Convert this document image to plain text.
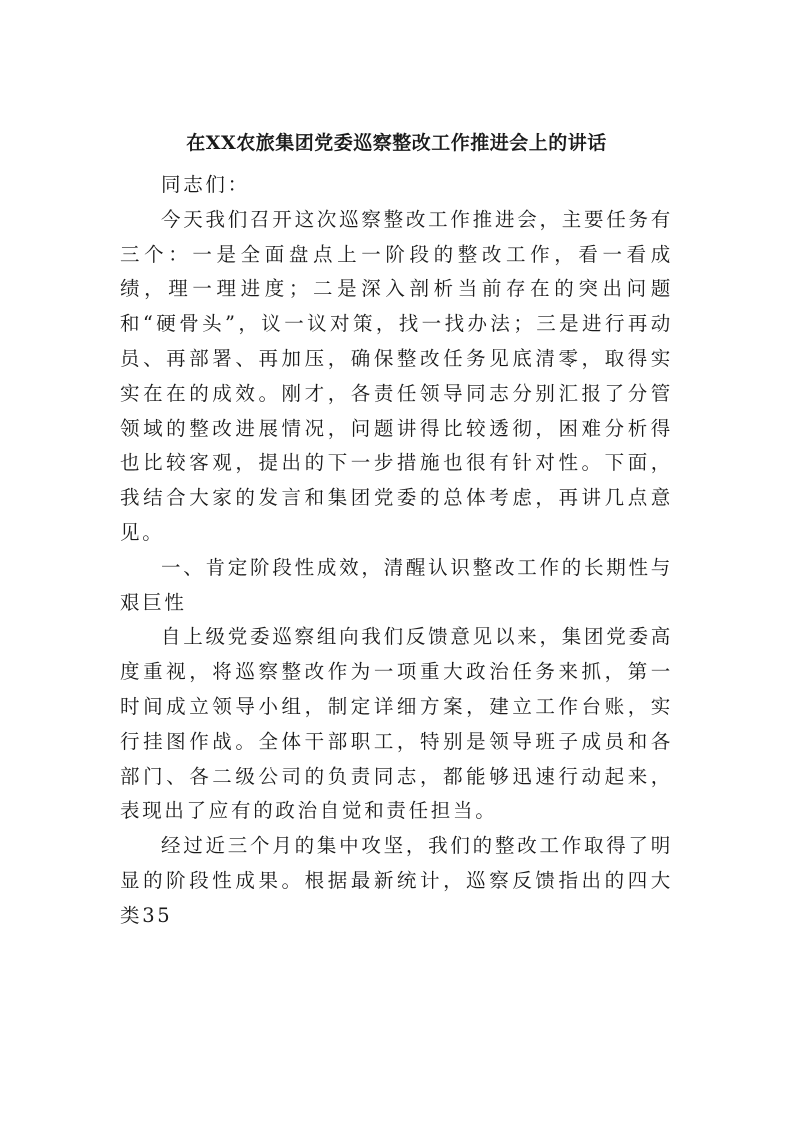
在XX农旅集团党委巡察整改工作推进会上的讲话

同志们：

今天我们召开这次巡察整改工作推进会，主要任务有三个：一是全面盘点上一阶段的整改工作，看一看成绩，理一理进度；二是深入剖析当前存在的突出问题和“硬骨头”，议一议对策，找一找办法；三是进行再动员、再部署、再加压，确保整改任务见底清零，取得实实在在的成效。刚才，各责任领导同志分别汇报了分管领域的整改进展情况，问题讲得比较透彻，困难分析得也比较客观，提出的下一步措施也很有针对性。下面，我结合大家的发言和集团党委的总体考虑，再讲几点意见。

一、肯定阶段性成效，清醒认识整改工作的长期性与艰巨性

自上级党委巡察组向我们反馈意见以来，集团党委高度重视，将巡察整改作为一项重大政治任务来抓，第一时间成立领导小组，制定详细方案，建立工作台账，实行挂图作战。全体干部职工，特别是领导班子成员和各部门、各二级公司的负责同志，都能够迅速行动起来，表现出了应有的政治自觉和责任担当。

经过近三个月的集中攻坚，我们的整改工作取得了明显的阶段性成果。根据最新统计，巡察反馈指出的四大类35
